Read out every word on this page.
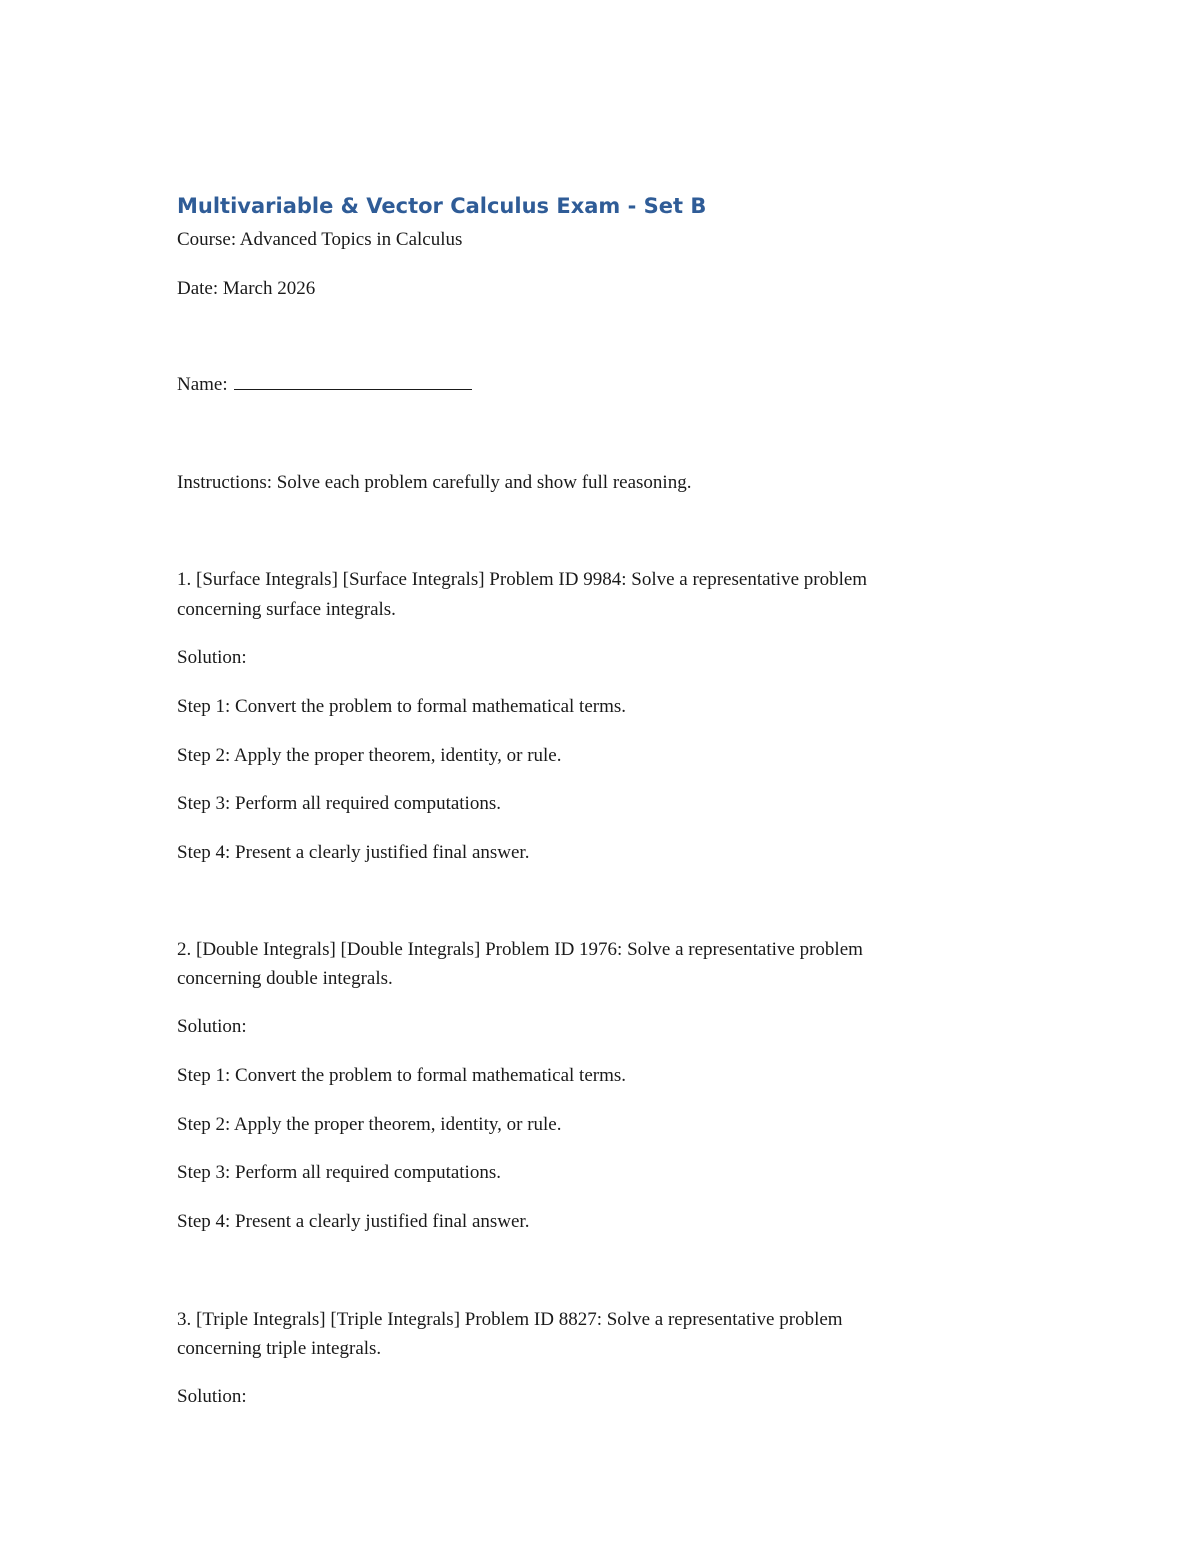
Multivariable & Vector Calculus Exam - Set B

Course: Advanced Topics in Calculus

Date: March 2026

Name:

Instructions: Solve each problem carefully and show full reasoning.

1. [Surface Integrals] [Surface Integrals] Problem ID 9984: Solve a representative problem

concerning surface integrals.

Solution:

Step 1: Convert the problem to formal mathematical terms.

Step 2: Apply the proper theorem, identity, or rule.

Step 3: Perform all required computations.

Step 4: Present a clearly justified final answer.

2. [Double Integrals] [Double Integrals] Problem ID 1976: Solve a representative problem

concerning double integrals.

Solution:

Step 1: Convert the problem to formal mathematical terms.

Step 2: Apply the proper theorem, identity, or rule.

Step 3: Perform all required computations.

Step 4: Present a clearly justified final answer.

3. [Triple Integrals] [Triple Integrals] Problem ID 8827: Solve a representative problem

concerning triple integrals.

Solution:
